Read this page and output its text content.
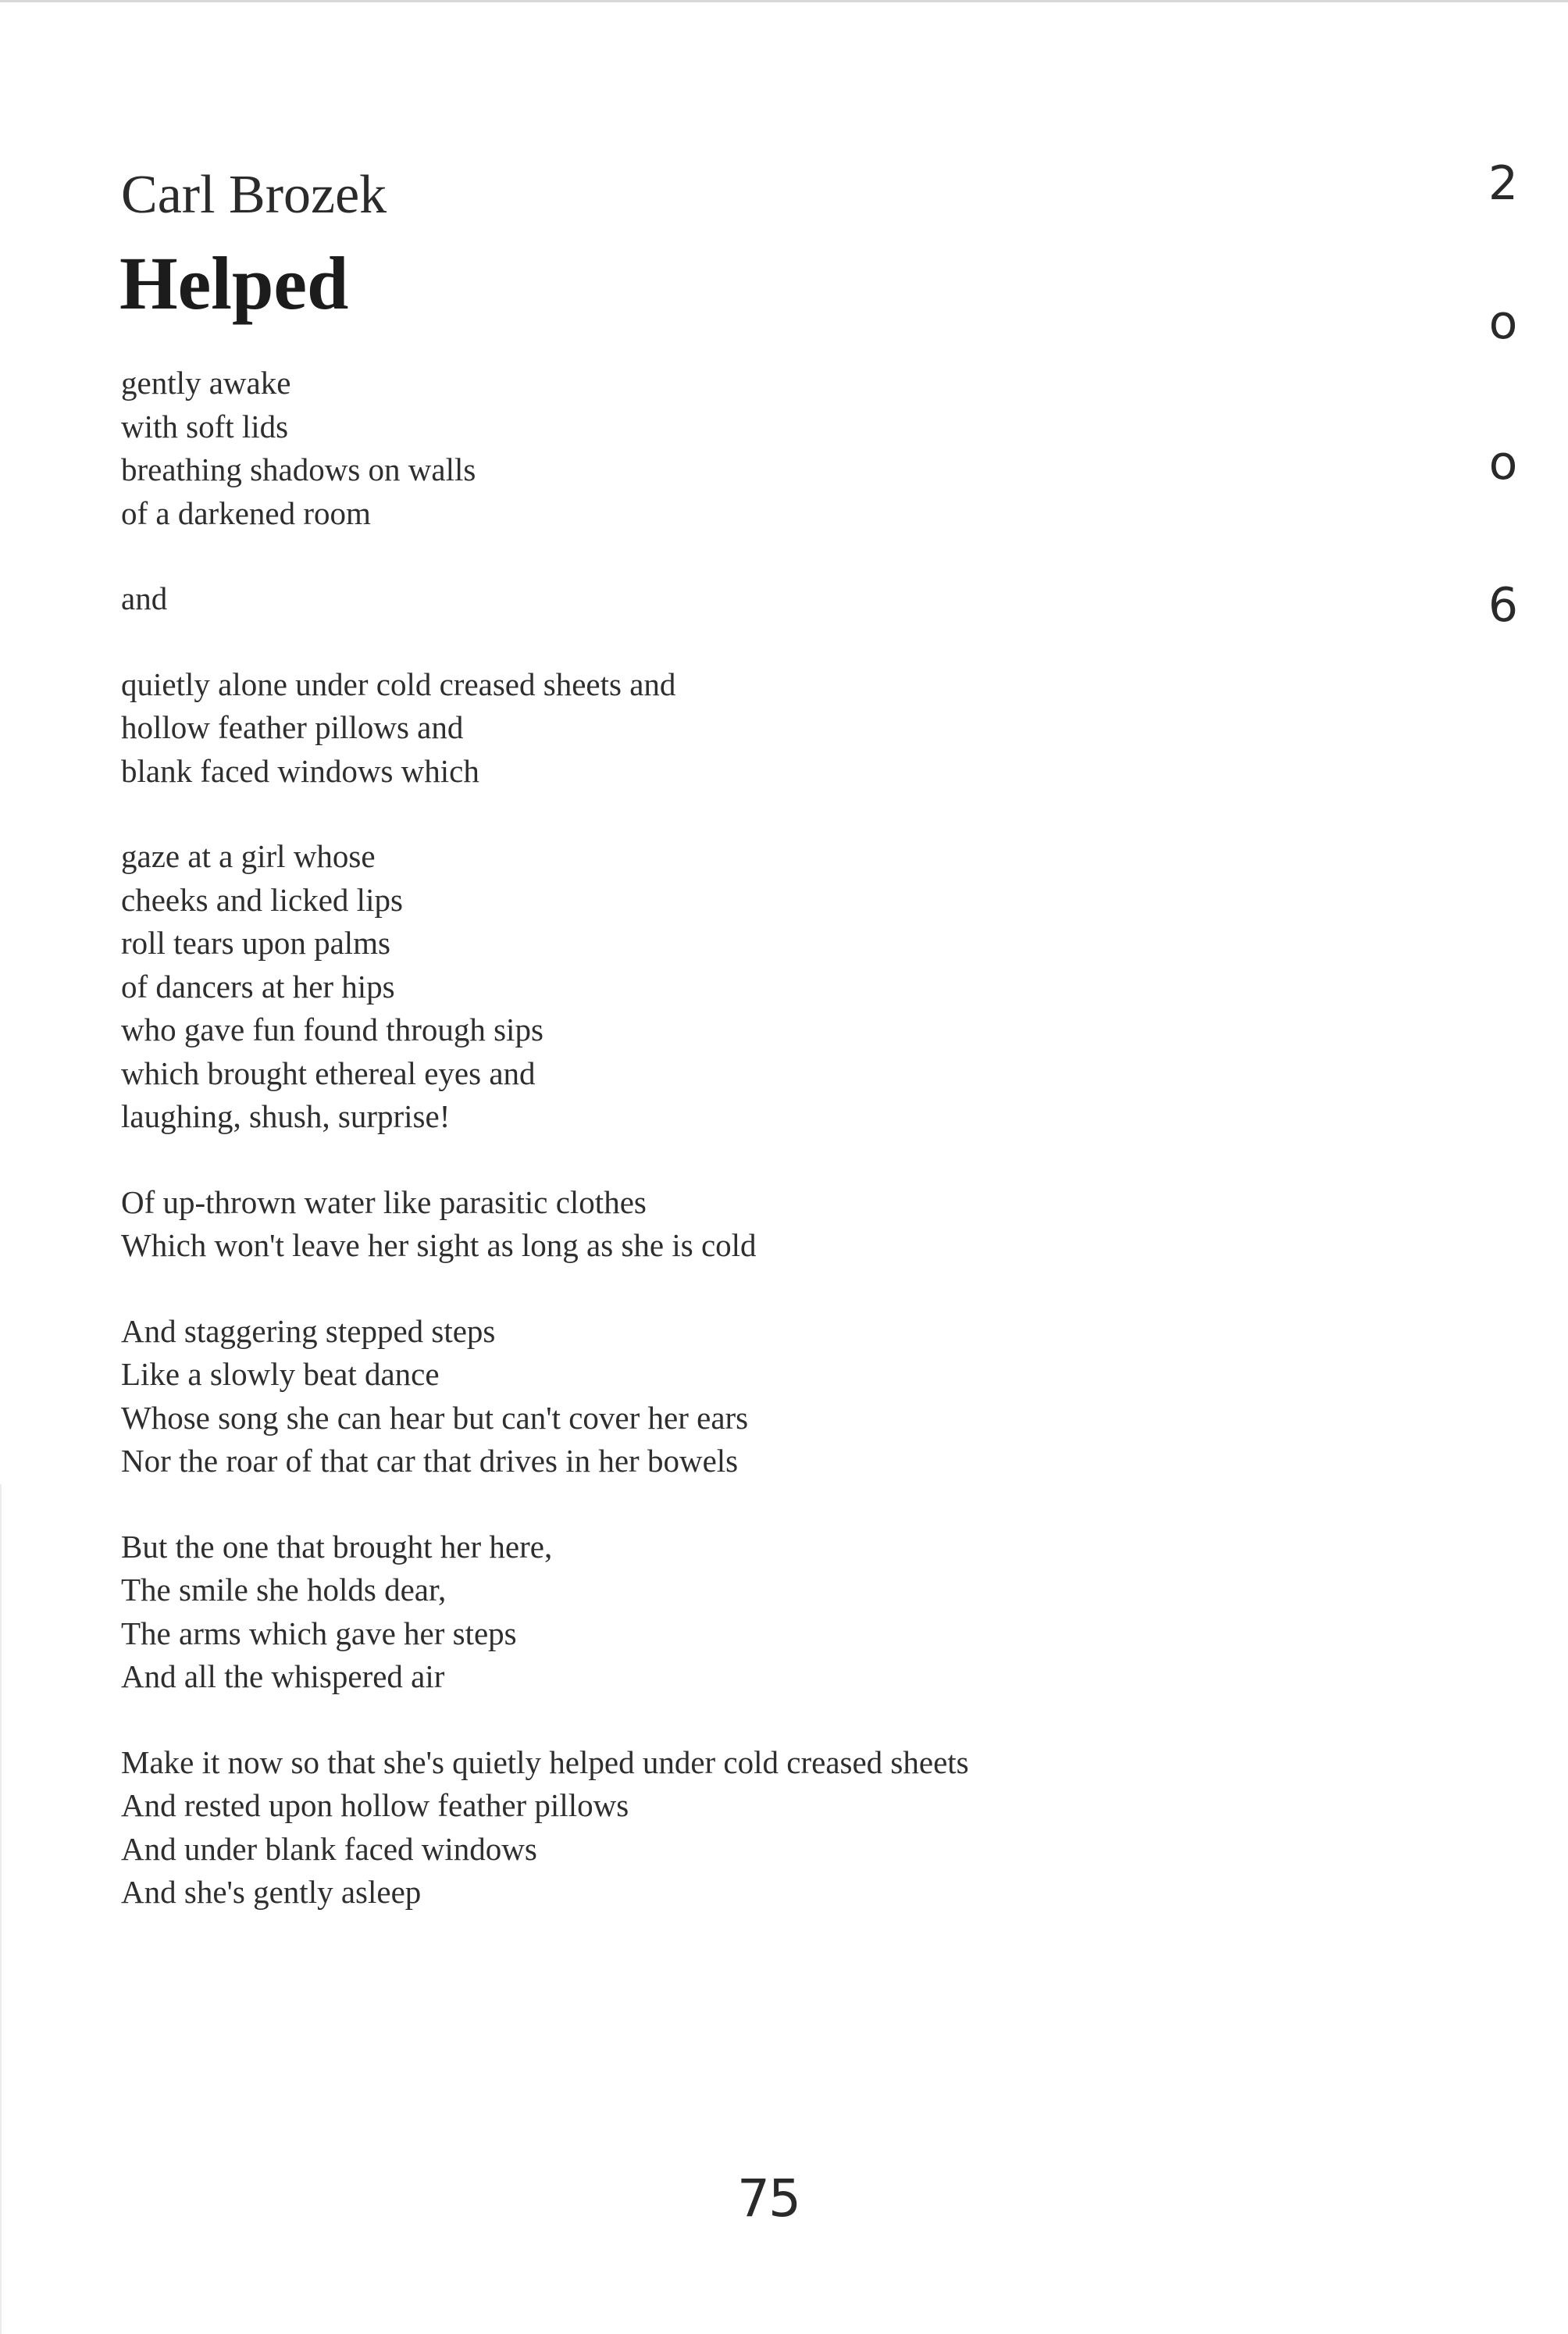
Carl Brozek
Helped
gently awake
with soft lids
breathing shadows on walls
of a darkened room
and
quietly alone under cold creased sheets and
hollow feather pillows and
blank faced windows which
gaze at a girl whose
cheeks and licked lips
roll tears upon palms
of dancers at her hips
who gave fun found through sips
which brought ethereal eyes and
laughing, shush, surprise!
Of up-thrown water like parasitic clothes
Which won't leave her sight as long as she is cold
And staggering stepped steps
Like a slowly beat dance
Whose song she can hear but can't cover her ears
Nor the roar of that car that drives in her bowels
But the one that brought her here,
The smile she holds dear,
The arms which gave her steps
And all the whispered air
Make it now so that she's quietly helped under cold creased sheets
And rested upon hollow feather pillows
And under blank faced windows
And she's gently asleep
2
o
o
6
75
